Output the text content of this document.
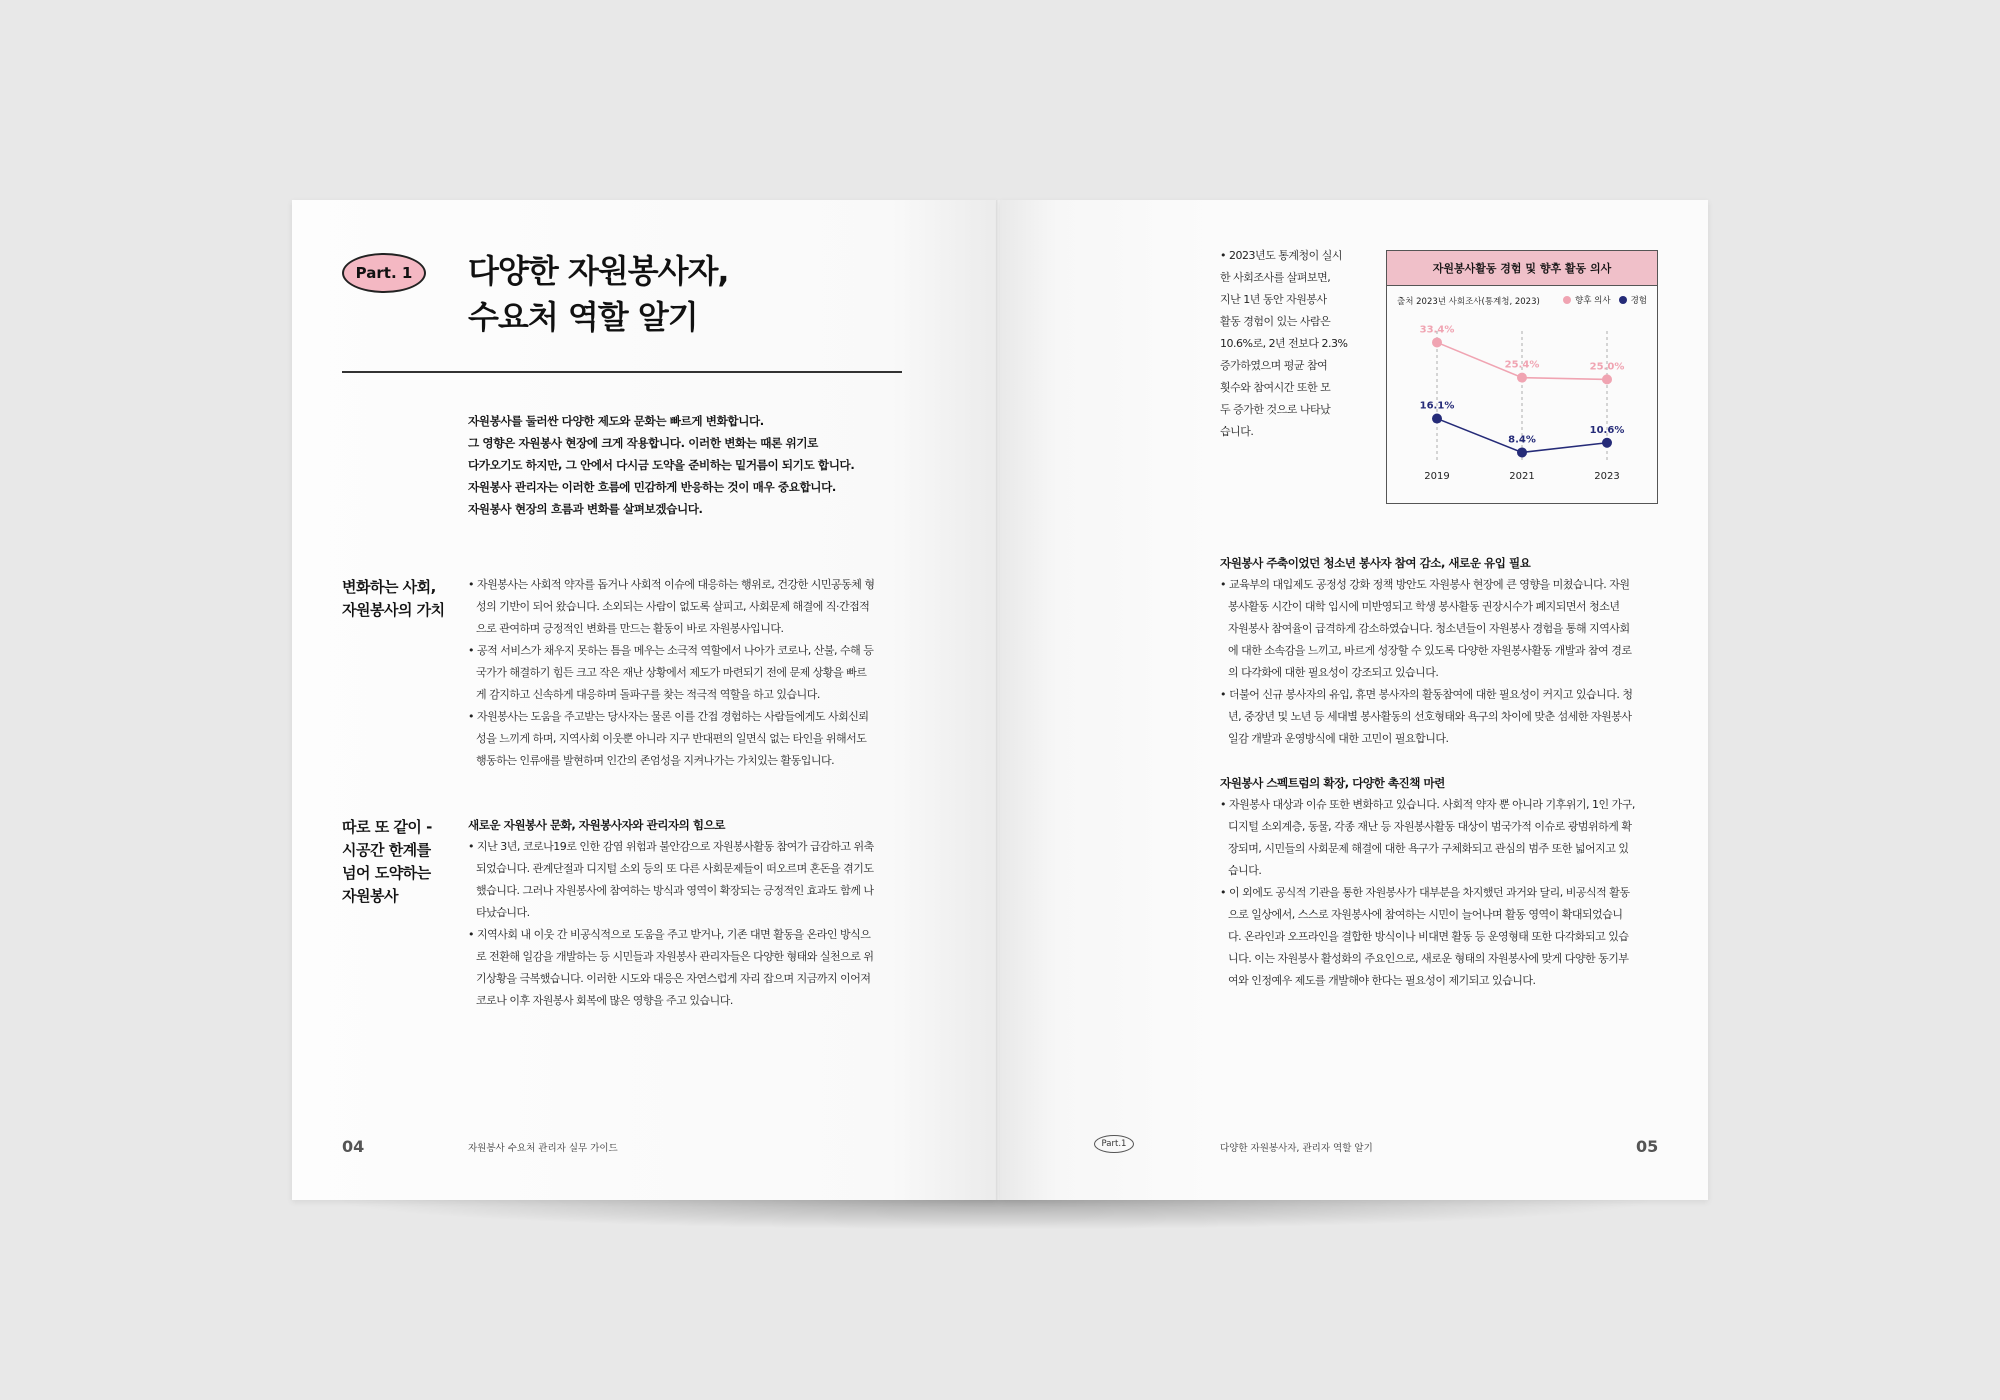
Part. 1	다양한 자원봉사자,
수요처 역할 알기
자원봉사를 둘러싼 다양한 제도와 문화는 빠르게 변화합니다.
그 영향은 자원봉사 현장에 크게 작용합니다. 이러한 변화는 때론 위기로
다가오기도 하지만, 그 안에서 다시금 도약을 준비하는 밑거름이 되기도 합니다.
자원봉사 관리자는 이러한 흐름에 민감하게 반응하는 것이 매우 중요합니다.
자원봉사 현장의 흐름과 변화를 살펴보겠습니다.
변화하는 사회,
자원봉사의 가치
• 자원봉사는 사회적 약자를 돕거나 사회적 이슈에 대응하는 행위로, 건강한 시민공동체 형
성의 기반이 되어 왔습니다. 소외되는 사람이 없도록 살피고, 사회문제 해결에 직·간접적
으로 관여하며 긍정적인 변화를 만드는 활동이 바로 자원봉사입니다.
• 공적 서비스가 채우지 못하는 틈을 메우는 소극적 역할에서 나아가 코로나, 산불, 수해 등
국가가 해결하기 힘든 크고 작은 재난 상황에서 제도가 마련되기 전에 문제 상황을 빠르
게 감지하고 신속하게 대응하며 돌파구를 찾는 적극적 역할을 하고 있습니다.
• 자원봉사는 도움을 주고받는 당사자는 물론 이를 간접 경험하는 사람들에게도 사회신뢰
성을 느끼게 하며, 지역사회 이웃뿐 아니라 지구 반대편의 일면식 없는 타인을 위해서도
행동하는 인류애를 발현하며 인간의 존엄성을 지켜나가는 가치있는 활동입니다.
따로 또 같이 -
시공간 한계를
넘어 도약하는
자원봉사
새로운 자원봉사 문화, 자원봉사자와 관리자의 힘으로
• 지난 3년, 코로나19로 인한 감염 위험과 불안감으로 자원봉사활동 참여가 급감하고 위축
되었습니다. 관계단절과 디지털 소외 등의 또 다른 사회문제들이 떠오르며 혼돈을 겪기도
했습니다. 그러나 자원봉사에 참여하는 방식과 영역이 확장되는 긍정적인 효과도 함께 나
타났습니다.
• 지역사회 내 이웃 간 비공식적으로 도움을 주고 받거나, 기존 대면 활동을 온라인 방식으
로 전환해 일감을 개발하는 등 시민들과 자원봉사 관리자들은 다양한 형태와 실천으로 위
기상황을 극복했습니다. 이러한 시도와 대응은 자연스럽게 자리 잡으며 지금까지 이어져
코로나 이후 자원봉사 회복에 많은 영향을 주고 있습니다.
04	자원봉사 수요처 관리자 실무 가이드
• 2023년도 통계청이 실시
한 사회조사를 살펴보면,
지난 1년 동안 자원봉사
활동 경험이 있는 사람은
10.6%로, 2년 전보다 2.3%
증가하였으며 평균 참여
횟수와 참여시간 또한 모
두 증가한 것으로 나타났
습니다.
자원봉사활동 경험 및 향후 활동 의사
출처 2023년 사회조사(통계청, 2023)	향후 의사 경험
2019	2021	2023
33.4%
25.4%	25.0%
16.1%
8.4%
10.6%
자원봉사 주축이었던 청소년 봉사자 참여 감소, 새로운 유입 필요
• 교육부의 대입제도 공정성 강화 정책 방안도 자원봉사 현장에 큰 영향을 미쳤습니다. 자원
봉사활동 시간이 대학 입시에 미반영되고 학생 봉사활동 권장시수가 폐지되면서 청소년
자원봉사 참여율이 급격하게 감소하였습니다. 청소년들이 자원봉사 경험을 통해 지역사회
에 대한 소속감을 느끼고, 바르게 성장할 수 있도록 다양한 자원봉사활동 개발과 참여 경로
의 다각화에 대한 필요성이 강조되고 있습니다.
• 더불어 신규 봉사자의 유입, 휴면 봉사자의 활동참여에 대한 필요성이 커지고 있습니다. 청
년, 중장년 및 노년 등 세대별 봉사활동의 선호형태와 욕구의 차이에 맞춘 섬세한 자원봉사
일감 개발과 운영방식에 대한 고민이 필요합니다.
자원봉사 스펙트럼의 확장, 다양한 촉진책 마련
• 자원봉사 대상과 이슈 또한 변화하고 있습니다. 사회적 약자 뿐 아니라 기후위기, 1인 가구,
디지털 소외계층, 동물, 각종 재난 등 자원봉사활동 대상이 범국가적 이슈로 광범위하게 확
장되며, 시민들의 사회문제 해결에 대한 욕구가 구체화되고 관심의 범주 또한 넓어지고 있
습니다.
• 이 외에도 공식적 기관을 통한 자원봉사가 대부분을 차지했던 과거와 달리, 비공식적 활동
으로 일상에서, 스스로 자원봉사에 참여하는 시민이 늘어나며 활동 영역이 확대되었습니
다. 온라인과 오프라인을 결합한 방식이나 비대면 활동 등 운영형태 또한 다각화되고 있습
니다. 이는 자원봉사 활성화의 주요인으로, 새로운 형태의 자원봉사에 맞게 다양한 동기부
여와 인정예우 제도를 개발해야 한다는 필요성이 제기되고 있습니다.
Part.1	다양한 자원봉사자, 관리자 역할 알기	05
